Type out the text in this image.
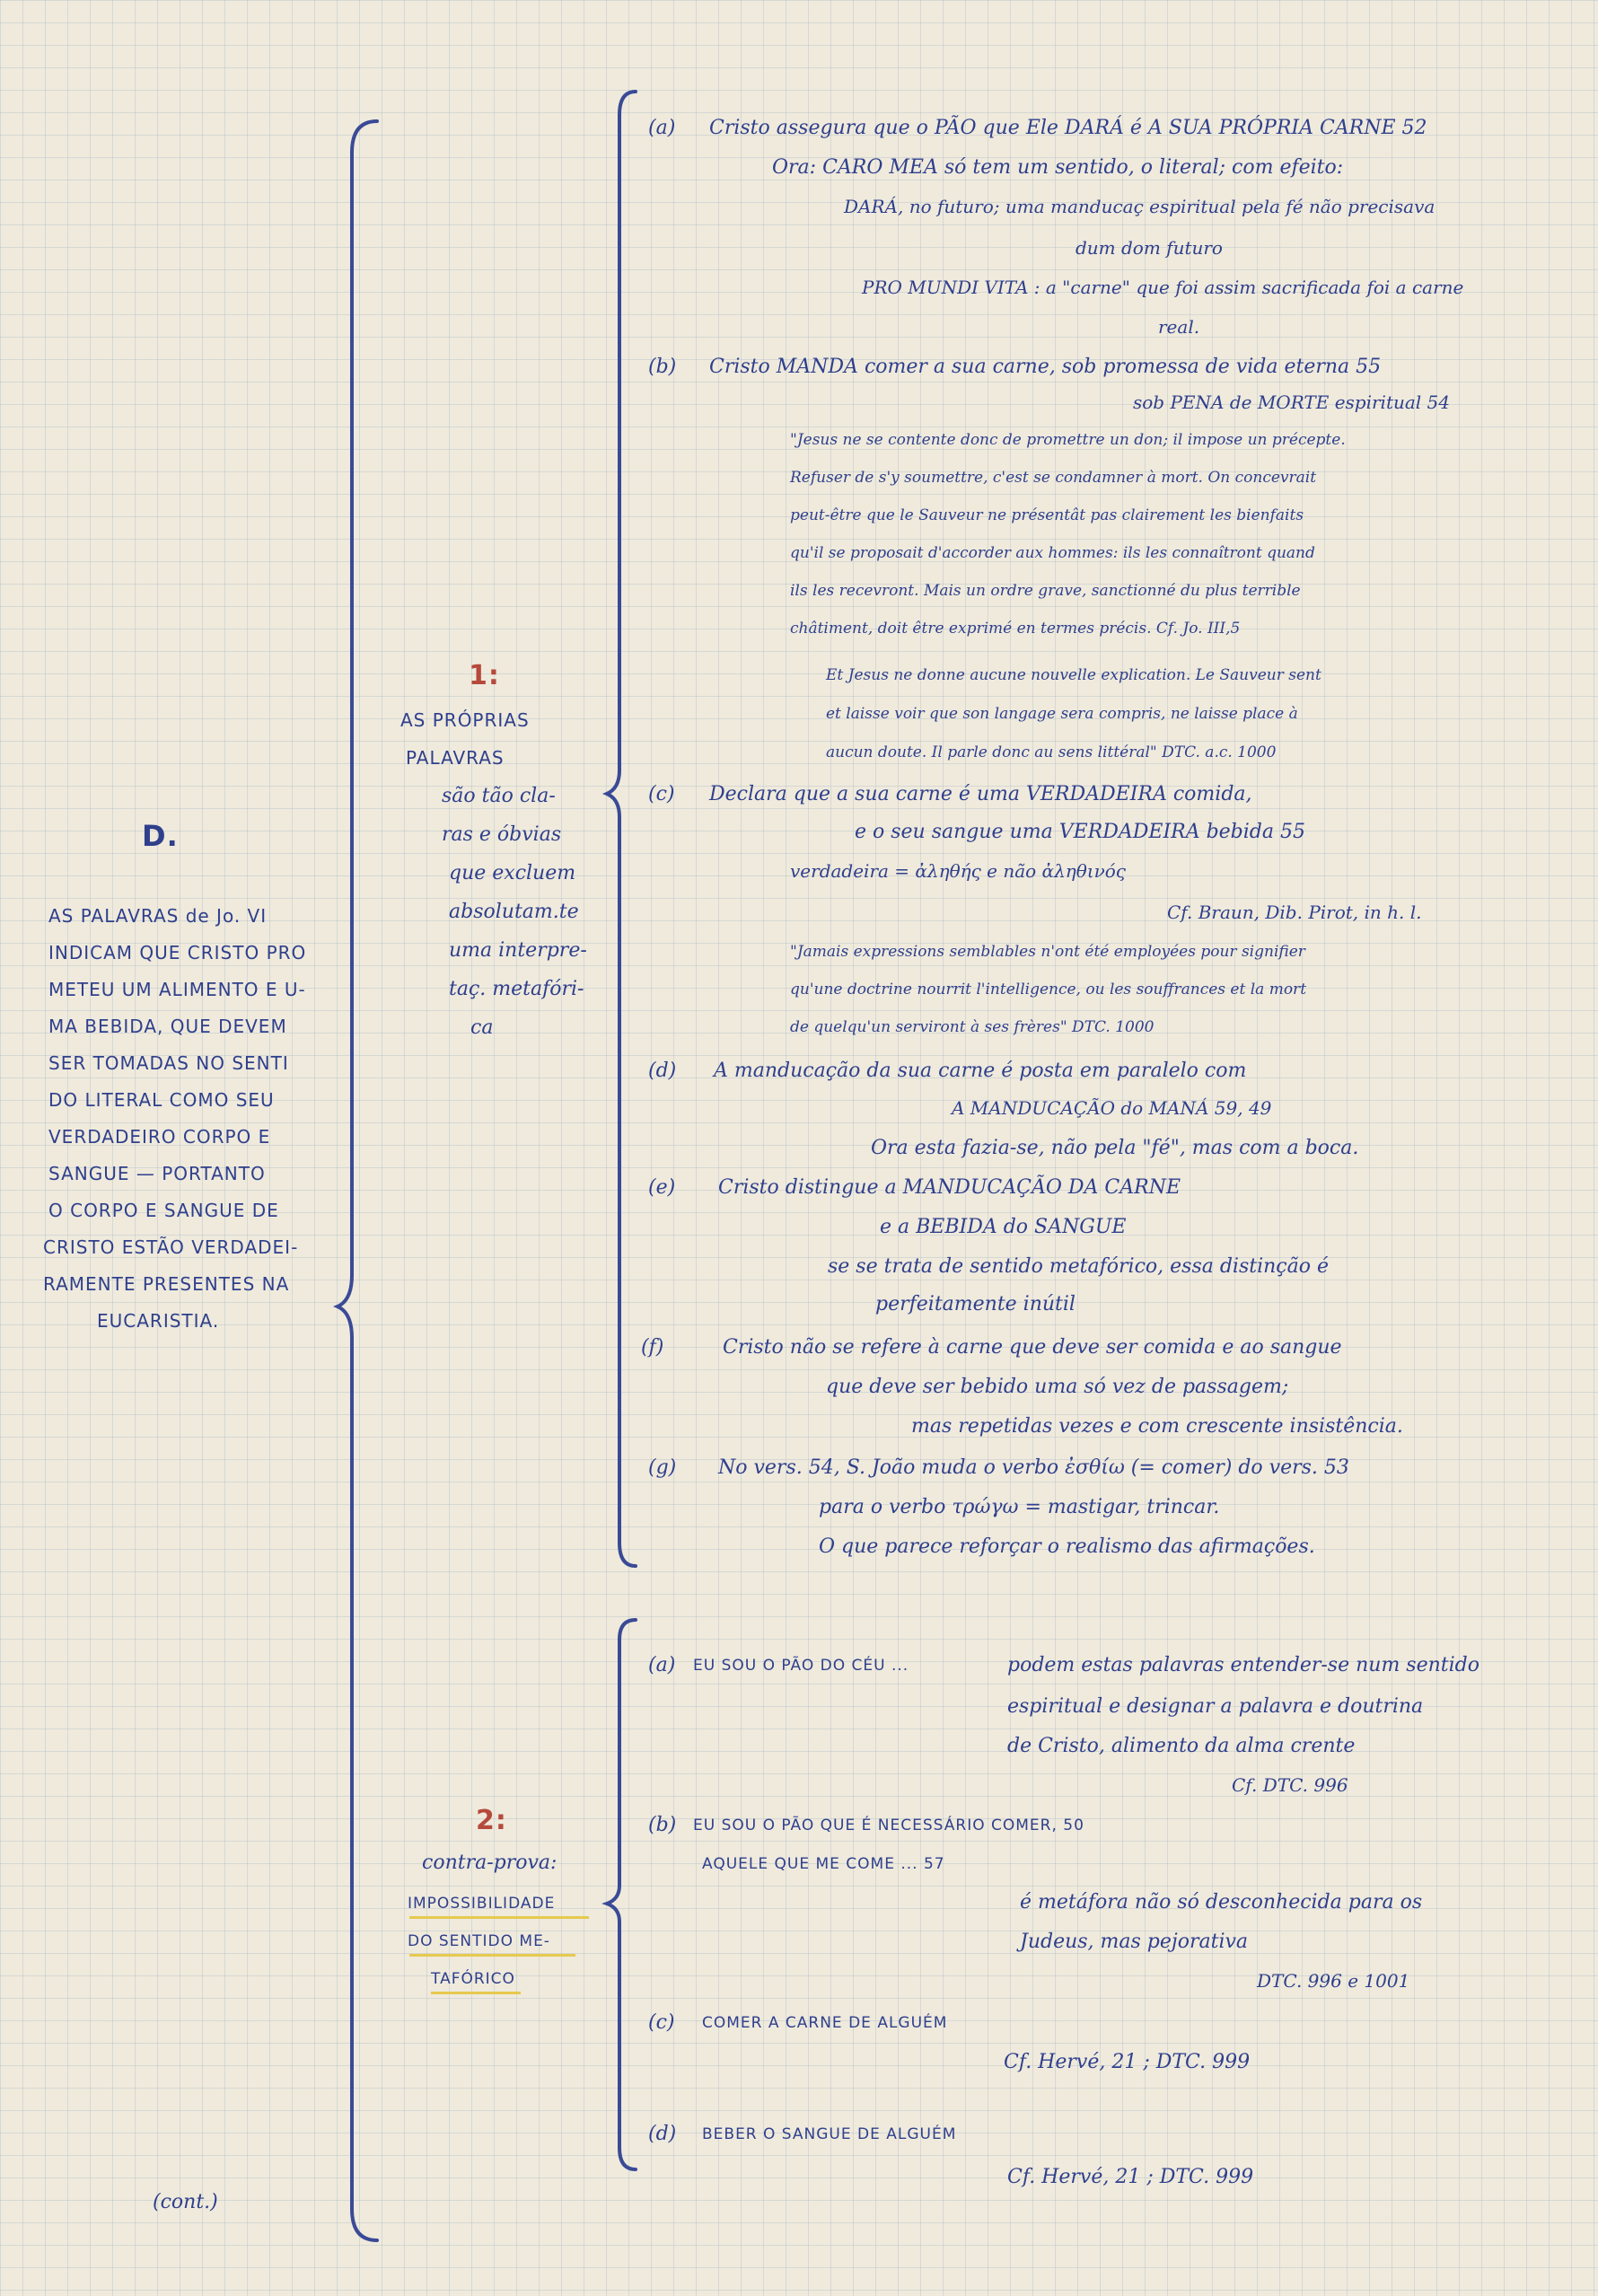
D.
AS PALAVRAS de Jo. VI
INDICAM QUE CRISTO PRO
METEU UM ALIMENTO E U-
MA BEBIDA, QUE DEVEM
SER TOMADAS NO SENTI
DO LITERAL COMO SEU
VERDADEIRO CORPO E
SANGUE — PORTANTO
O CORPO E SANGUE DE
CRISTO ESTÃO VERDADEI-
RAMENTE PRESENTES NA
EUCARISTIA.
(cont.)
1:
AS PRÓPRIAS
PALAVRAS
são tão cla-
ras e óbvias
que excluem
absolutam.te
uma interpre-
taç. metafóri-
ca
(a) Cristo assegura que o PÃO que Ele DARÁ é A SUA PRÓPRIA CARNE 52
Ora: CARO MEA só tem um sentido, o literal; com efeito:
DARÁ, no futuro; uma manducaç espiritual pela fé não precisava
dum dom futuro
PRO MUNDI VITA : a "carne" que foi assim sacrificada foi a carne
real.
(b) Cristo MANDA comer a sua carne, sob promessa de vida eterna 55
sob PENA de MORTE espiritual 54
"Jesus ne se contente donc de promettre un don; il impose un précepte.
Refuser de s'y soumettre, c'est se condamner à mort. On concevrait
peut-être que le Sauveur ne présentât pas clairement les bienfaits
qu'il se proposait d'accorder aux hommes: ils les connaîtront quand
ils les recevront. Mais un ordre grave, sanctionné du plus terrible
châtiment, doit être exprimé en termes précis. Cf. Jo. III,5
Et Jesus ne donne aucune nouvelle explication. Le Sauveur sent
et laisse voir que son langage sera compris, ne laisse place à
aucun doute. Il parle donc au sens littéral" DTC. a.c. 1000
(c) Declara que a sua carne é uma VERDADEIRA comida,
e o seu sangue uma VERDADEIRA bebida 55
verdadeira = ἀληθής e não ἀληθινός
Cf. Braun, Dib. Pirot, in h. l.
"Jamais expressions semblables n'ont été employées pour signifier
qu'une doctrine nourrit l'intelligence, ou les souffrances et la mort
de quelqu'un serviront à ses frères" DTC. 1000
(d) A manducação da sua carne é posta em paralelo com
A MANDUCAÇÃO do MANÁ 59, 49
Ora esta fazia-se, não pela "fé", mas com a boca.
(e) Cristo distingue a MANDUCAÇÃO DA CARNE
e a BEBIDA do SANGUE
se se trata de sentido metafórico, essa distinção é
perfeitamente inútil
(f)	Cristo não se refere à carne que deve ser comida e ao sangue
que deve ser bebido uma só vez de passagem;
mas repetidas vezes e com crescente insistência.
(g) No vers. 54, S. João muda o verbo ἐσθίω (= comer) do vers. 53
para o verbo τρώγω = mastigar, trincar.
O que parece reforçar o realismo das afirmações.
2:
contra-prova:
IMPOSSIBILIDADE
DO SENTIDO ME-
TAFÓRICO
(a) EU SOU O PÃO DO CÉU ...	podem estas palavras entender-se num sentido
espiritual e designar a palavra e doutrina
de Cristo, alimento da alma crente
Cf. DTC. 996
(b) EU SOU O PÃO QUE É NECESSÁRIO COMER, 50
AQUELE QUE ME COME ... 57
é metáfora não só desconhecida para os
Judeus, mas pejorativa
DTC. 996 e 1001
(c) COMER A CARNE DE ALGUÉM
Cf. Hervé, 21 ; DTC. 999
(d) BEBER O SANGUE DE ALGUÉM
Cf. Hervé, 21 ; DTC. 999
